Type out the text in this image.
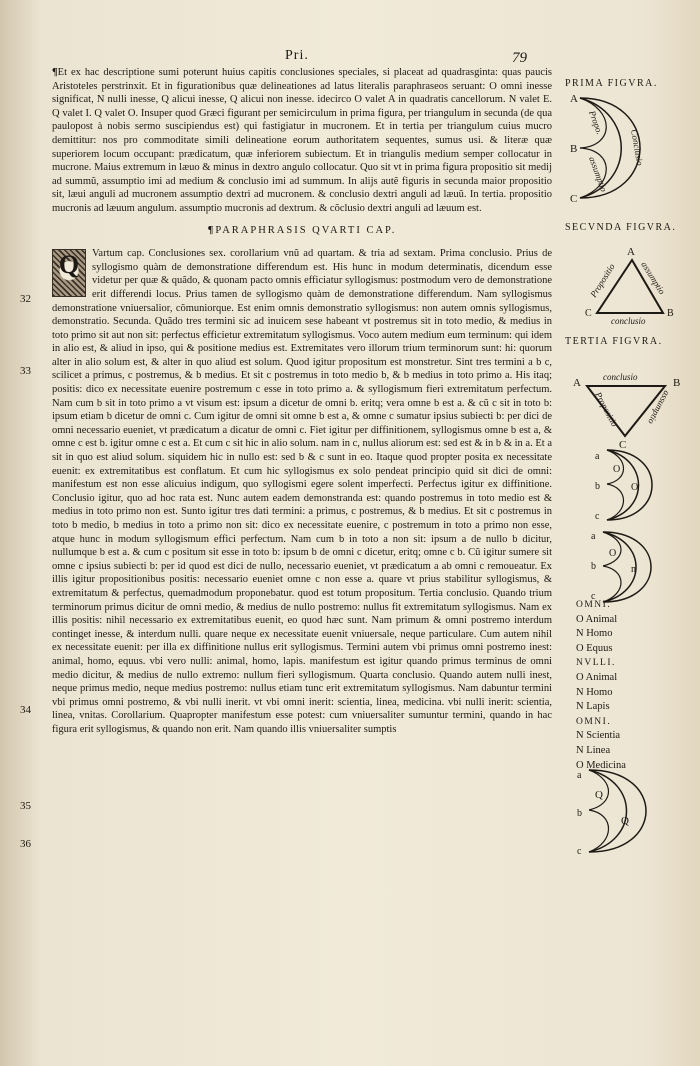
Pri.	79
32
33
34
35
36

¶Et ex hac descriptione sumi poterunt huius capitis conclusiones speciales, si placeat ad quadrasginta: quas paucis Aristoteles perstrinxit. Et in figurationibus quæ delineationes ad latus literalis paraphraseos seruant: O omni inesse significat, N nulli inesse, Q alicui inesse, Q alicui non inesse. idecirco O valet A in quadratis cancellorum. N valet E. Q valet I. Q valet O. Insuper quod Græci figurant per semicirculum in prima figura, per triangulum in secunda (de qua paulopost à nobis sermo suscipiendus est) qui fastigiatur in mucronem. Et in tertia per triangulum cuius mucro demittitur: nos pro commoditate simili delineatione eorum authoritatem sequentes, sumus usi. & literæ quæ superiorem locum occupant: prædicatum, quæ inferiorem subiectum. Et in triangulis medium semper collocatur in mucrone. Maius extremum in læuo & minus in dextro angulo collocatur. Quo sit vt in prima figura propositio sit medij ad summũ, assumptio imi ad medium & conclusio imi ad summum. In alijs autẽ figuris in secunda maior propositio sit, læui anguli ad mucronem assumptio dextri ad mucronem. & conclusio dextri anguli ad læuũ. In tertia. propositio mucronis ad læuum angulum. assumptio mucronis ad dextrum. & cõclusio dextri anguli ad læuum est.

¶PARAPHRASIS QVARTI CAP.

Q	Vartum cap. Conclusiones sex. corollarium vnũ ad quartam. & tria ad sextam. Prima conclusio. Prius de syllogismo quàm de demonstratione differendum est. His hunc in modum determinatis, dicendum esse videtur per quæ & quãdo, & quonam pacto omnis efficiatur syllogismus: postmodum vero de demonstratione erit differendi locus. Prius tamen de syllogismo quàm de demonstratione differendum. Nam syllogismus demonstratione vniuersalior, cõmuniorque. Est enim omnis demonstratio syllogismus: non autem omnis syllogismus, demonstratio. Secunda. Quãdo tres termini sic ad inuicem sese habeant vt postremus sit in toto medio, & medius in toto primo sit aut non sit: perfectus efficietur extremitatum syllogismus. Voco autem medium eum terminum: qui idem in alio est, & aliud in ipso, qui & positione medius est. Extremitates vero illorum trium terminorum sunt: hi: quorum alter in alio solum est, & alter in quo aliud est solum. Quod igitur propositum est monstretur. Sint tres termini a b c, scilicet a primus, c postremus, & b medius. Et sit c postremus in toto medio b, & b medius in toto primo a. His itaq; positis: dico ex necessitate euenire postremum c esse in toto primo a. & syllogismum fieri extremitatum perfectum. Nam cum b sit in toto primo a vt visum est: ipsum a dicetur de omni b. eritq; vera omne b est a. & cũ c sit in toto b: ipsum etiam b dicetur de omni c. Cum igitur de omni sit omne b est a, & omne c sumatur ipsius subiecti b: per dici de omni necessario eueniet, vt prædicatum a dicatur de omni c. Fiet igitur per diffinitionem, syllogismus omne b est a, & omne c est b. igitur omne c est a. Et cum c sit hic in alio solum. nam in c, nullus aliorum est: sed est & in b & in a. Et a sit in quo est aliud solum. siquidem hic in nullo est: sed b & c sunt in eo. Itaque quod propter posita ex necessitate euenit: ex extremitatibus est conflatum. Et cum hic syllogismus ex solo pendeat principio quid sit dici de omni: manifestum est non esse alicuius indigum, quo syllogismi egere solent imperfecti. Perfectus igitur ex diffinitione. Conclusio igitur, quo ad hoc rata est. Nunc autem eadem demonstranda est: quando postremus in toto medio est & medius in toto primo non est. Sunto igitur tres dati termini: a primus, c postremus, & b medius. Et sit c postremus in toto b medio, b medius in toto a primo non sit: dico ex necessitate euenire, c postremum in toto a primo non esse, atque hunc in modum syllogismum effici perfectum. Nam cum b in toto a non sit: ipsum a de nullo b dicitur, nullumque b est a. & cum c positum sit esse in toto b: ipsum b de omni c dicetur, eritq; omne c b. Cũ igitur sumere sit omne c ipsius subiecti b: per id quod est dici de nullo, necessario eueniet, vt prædicatum a ab omni c remoueatur. Ex illis igitur propositionibus positis: necessario eueniet omne c non esse a. quare vt prius stabilitur syllogismus, & extremitatum & perfectus, quemadmodum proponebatur. quod est totum propositum. Tertia conclusio. Quando trium terminorum primus dicitur de omni medio, & medius de nullo postremo: nullus fit extremitatum syllogismus. Nam ex illis positis: nihil necessario ex extremitatibus euenit, eo quod hæc sunt. Nam primum & omni postremo interdum continget inesse, & interdum nulli. quare neque ex necessitate euenit vniuersale, neque particulare. Cum autem nihil ex necessitate euenit: per illa ex diffinitione nullus erit syllogismus. Termini autem vbi primus omni postremo inest: animal, homo, equus. vbi vero nulli: animal, homo, lapis. manifestum est igitur quando primus terminus de omni medio dicitur, & medius de nullo extremo: nullum fieri syllogismum. Quarta conclusio. Quando autem nulli inest, neque primus medio, neque medius postremo: nullus etiam tunc erit extremitatum syllogismus. Nam dabuntur termini vbi primus omni postremo, & vbi nulli inerit. vt vbi omni inerit: scientia, linea, medicina. vbi nulli inerit: scientia, linea, vnitas. Corollarium. Quapropter manifestum esse potest: cum vniuersaliter sumuntur termini, quando in hac figura erit syllogismus, & quando non erit. Nam quando illis vniuersaliter sumptis

PRIMA FIGVRA.
SECVNDA FIGVRA.
TERTIA FIGVRA.
A
B
C
Propo.
assumptio
Conclusio
A
C	B
Propositio	assumptio
conclusio
A	B
C
conclusio
Propositio	assumptio
a
b
c
O
O
a
b
c
O
n
a
b
c
Q
Q
OMNI.
O Animal
N Homo
O Equus
NVLLI.
O Animal
N Homo
N Lapis
OMNI.
N Scientia
N Linea
O Medicina
